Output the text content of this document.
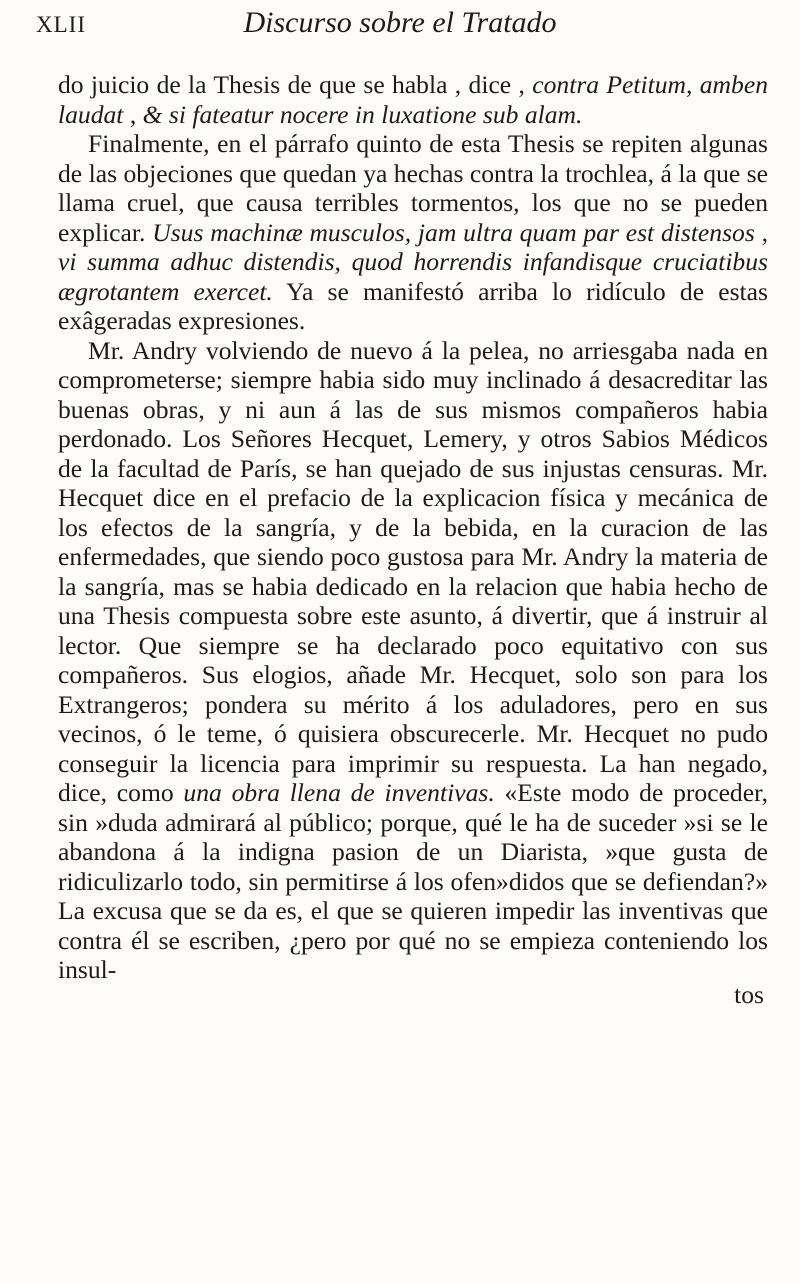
XLII	Discurso sobre el Tratado

do juicio de la Thesis de que se habla , dice , contra Petitum, amben laudat , & si fateatur nocere in luxatione sub alam.

Finalmente, en el párrafo quinto de esta Thesis se repiten algunas de las objeciones que quedan ya hechas contra la trochlea, á la que se llama cruel, que causa terribles tormentos, los que no se pueden explicar. Usus machinæ musculos, jam ultra quam par est distensos , vi summa adhuc distendis, quod horrendis infandisque cruciatibus ægrotantem exercet. Ya se manifestó arriba lo ridículo de estas exâgeradas expresiones.

Mr. Andry volviendo de nuevo á la pelea, no arriesgaba nada en comprometerse; siempre habia sido muy inclinado á desacreditar las buenas obras, y ni aun á las de sus mismos compañeros habia perdonado. Los Señores Hecquet, Lemery, y otros Sabios Médicos de la facultad de París, se han quejado de sus injustas censuras. Mr. Hecquet dice en el prefacio de la explicacion física y mecánica de los efectos de la sangría, y de la bebida, en la curacion de las enfermedades, que siendo poco gustosa para Mr. Andry la materia de la sangría, mas se habia dedicado en la relacion que habia hecho de una Thesis compuesta sobre este asunto, á divertir, que á instruir al lector. Que siempre se ha declarado poco equitativo con sus compañeros. Sus elogios, añade Mr. Hecquet, solo son para los Extrangeros; pondera su mérito á los aduladores, pero en sus vecinos, ó le teme, ó quisiera obscurecerle. Mr. Hecquet no pudo conseguir la licencia para imprimir su respuesta. La han negado, dice, como una obra llena de inventivas. «Este modo de proceder, sin »duda admirará al público; porque, qué le ha de suceder »si se le abandona á la indigna pasion de un Diarista, »que gusta de ridiculizarlo todo, sin permitirse á los ofen»didos que se defiendan?» La excusa que se da es, el que se quieren impedir las inventivas que contra él se escriben, ¿pero por qué no se empieza conteniendo los insul-

tos
